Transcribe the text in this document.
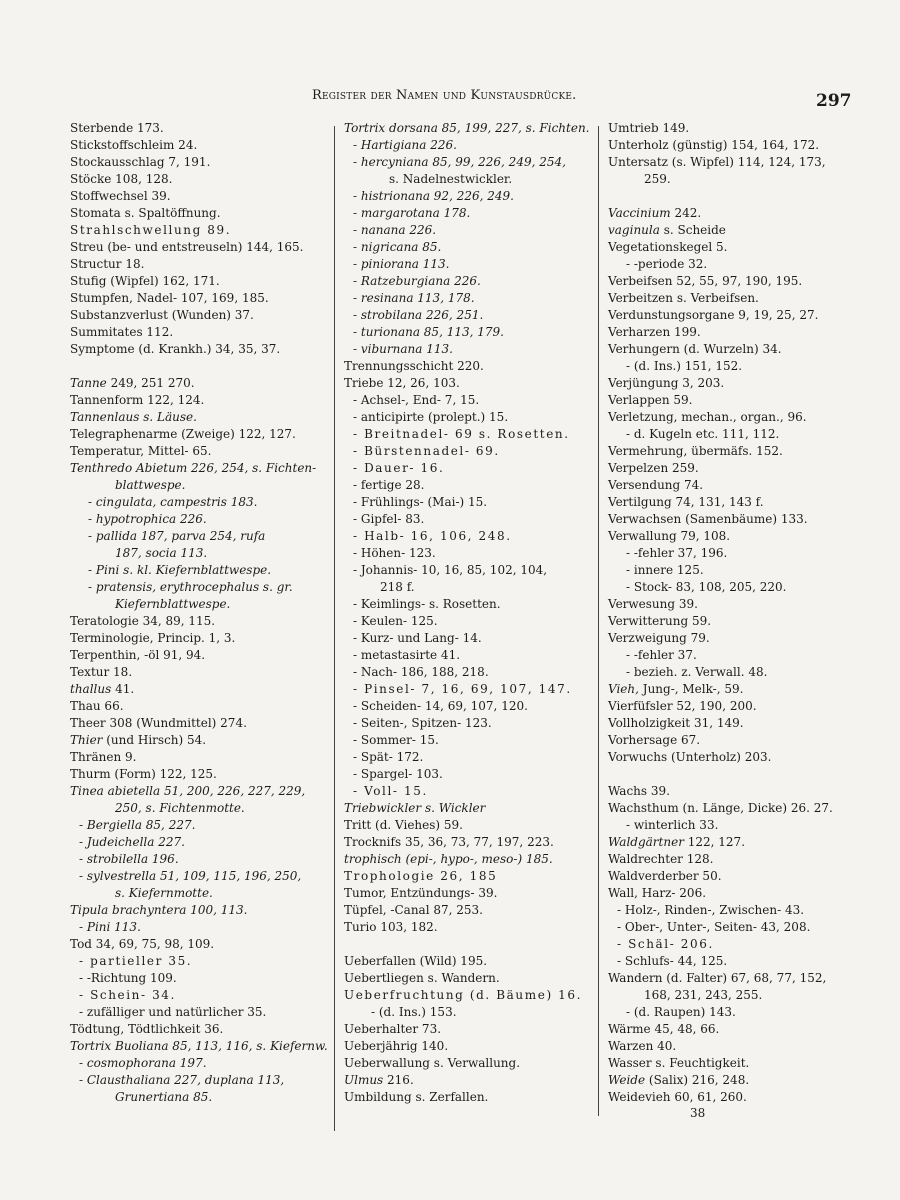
Register der Namen und Kunstausdrücke.	297
Sterbende 173.
Stickstoffschleim 24.
Stockausschlag 7, 191.
Stöcke 108, 128.
Stoffwechsel 39.
Stomata s. Spaltöffnung.
Strahlschwellung 89.
Streu (be- und entstreuseln) 144, 165.
Structur 18.
Stufig (Wipfel) 162, 171.
Stumpfen, Nadel- 107, 169, 185.
Substanzverlust (Wunden) 37.
Summitates 112.
Symptome (d. Krankh.) 34, 35, 37.
Tanne 249, 251 270.
Tannenform 122, 124.
Tannenlaus s. Läuse.
Telegraphenarme (Zweige) 122, 127.
Temperatur, Mittel- 65.
Tenthredo Abietum 226, 254, s. Fichten-
blattwespe.
- cingulata, campestris 183.
- hypotrophica 226.
- pallida 187, parva 254, rufa
187, socia 113.
- Pini s. kl. Kiefernblattwespe.
- pratensis, erythrocephalus s. gr.
Kiefernblattwespe.
Teratologie 34, 89, 115.
Terminologie, Princip. 1, 3.
Terpenthin, -öl 91, 94.
Textur 18.
thallus 41.
Thau 66.
Theer 308 (Wundmittel) 274.
Thier (und Hirsch) 54.
Thränen 9.
Thurm (Form) 122, 125.
Tinea abietella 51, 200, 226, 227, 229,
250, s. Fichtenmotte.
- Bergiella 85, 227.
- Judeichella 227.
- strobilella 196.
- sylvestrella 51, 109, 115, 196, 250,
s. Kiefernmotte.
Tipula brachyntera 100, 113.
- Pini 113.
Tod 34, 69, 75, 98, 109.
- partieller 35.
- -Richtung 109.
- Schein- 34.
- zufälliger und natürlicher 35.
Tödtung, Tödtlichkeit 36.
Tortrix Buoliana 85, 113, 116, s. Kiefernw.
- cosmophorana 197.
- Clausthaliana 227, duplana 113,
Grunertiana 85.
Tortrix dorsana 85, 199, 227, s. Fichten.
- Hartigiana 226.
- hercyniana 85, 99, 226, 249, 254,
s. Nadelnestwickler.
- histrionana 92, 226, 249.
- margarotana 178.
- nanana 226.
- nigricana 85.
- piniorana 113.
- Ratzeburgiana 226.
- resinana 113, 178.
- strobilana 226, 251.
- turionana 85, 113, 179.
- viburnana 113.
Trennungsschicht 220.
Triebe 12, 26, 103.
- Achsel-, End- 7, 15.
- anticipirte (prolept.) 15.
- Breitnadel- 69 s. Rosetten.
- Bürstennadel- 69.
- Dauer- 16.
- fertige 28.
- Frühlings- (Mai-) 15.
- Gipfel- 83.
- Halb- 16, 106, 248.
- Höhen- 123.
- Johannis- 10, 16, 85, 102, 104,
218 f.
- Keimlings- s. Rosetten.
- Keulen- 125.
- Kurz- und Lang- 14.
- metastasirte 41.
- Nach- 186, 188, 218.
- Pinsel- 7, 16, 69, 107, 147.
- Scheiden- 14, 69, 107, 120.
- Seiten-, Spitzen- 123.
- Sommer- 15.
- Spät- 172.
- Spargel- 103.
- Voll- 15.
Triebwickler s. Wickler
Tritt (d. Viehes) 59.
Trocknifs 35, 36, 73, 77, 197, 223.
trophisch (epi-, hypo-, meso-) 185.
Trophologie 26, 185
Tumor, Entzündungs- 39.
Tüpfel, -Canal 87, 253.
Turio 103, 182.
Ueberfallen (Wild) 195.
Uebertliegen s. Wandern.
Ueberfruchtung (d. Bäume) 16.
- (d. Ins.) 153.
Ueberhalter 73.
Ueberjährig 140.
Ueberwallung s. Verwallung.
Ulmus 216.
Umbildung s. Zerfallen.
Umtrieb 149.
Unterholz (günstig) 154, 164, 172.
Untersatz (s. Wipfel) 114, 124, 173,
259.
Vaccinium 242.
vaginula s. Scheide
Vegetationskegel 5.
- -periode 32.
Verbeifsen 52, 55, 97, 190, 195.
Verbeitzen s. Verbeifsen.
Verdunstungsorgane 9, 19, 25, 27.
Verharzen 199.
Verhungern (d. Wurzeln) 34.
- (d. Ins.) 151, 152.
Verjüngung 3, 203.
Verlappen 59.
Verletzung, mechan., organ., 96.
- d. Kugeln etc. 111, 112.
Vermehrung, übermäfs. 152.
Verpelzen 259.
Versendung 74.
Vertilgung 74, 131, 143 f.
Verwachsen (Samenbäume) 133.
Verwallung 79, 108.
- -fehler 37, 196.
- innere 125.
- Stock- 83, 108, 205, 220.
Verwesung 39.
Verwitterung 59.
Verzweigung 79.
- -fehler 37.
- bezieh. z. Verwall. 48.
Vieh, Jung-, Melk-, 59.
Vierfüfsler 52, 190, 200.
Vollholzigkeit 31, 149.
Vorhersage 67.
Vorwuchs (Unterholz) 203.
Wachs 39.
Wachsthum (n. Länge, Dicke) 26. 27.
- winterlich 33.
Waldgärtner 122, 127.
Waldrechter 128.
Waldverderber 50.
Wall, Harz- 206.
- Holz-, Rinden-, Zwischen- 43.
- Ober-, Unter-, Seiten- 43, 208.
- Schäl- 206.
- Schlufs- 44, 125.
Wandern (d. Falter) 67, 68, 77, 152,
168, 231, 243, 255.
- (d. Raupen) 143.
Wärme 45, 48, 66.
Warzen 40.
Wasser s. Feuchtigkeit.
Weide (Salix) 216, 248.
Weidevieh 60, 61, 260.
38
